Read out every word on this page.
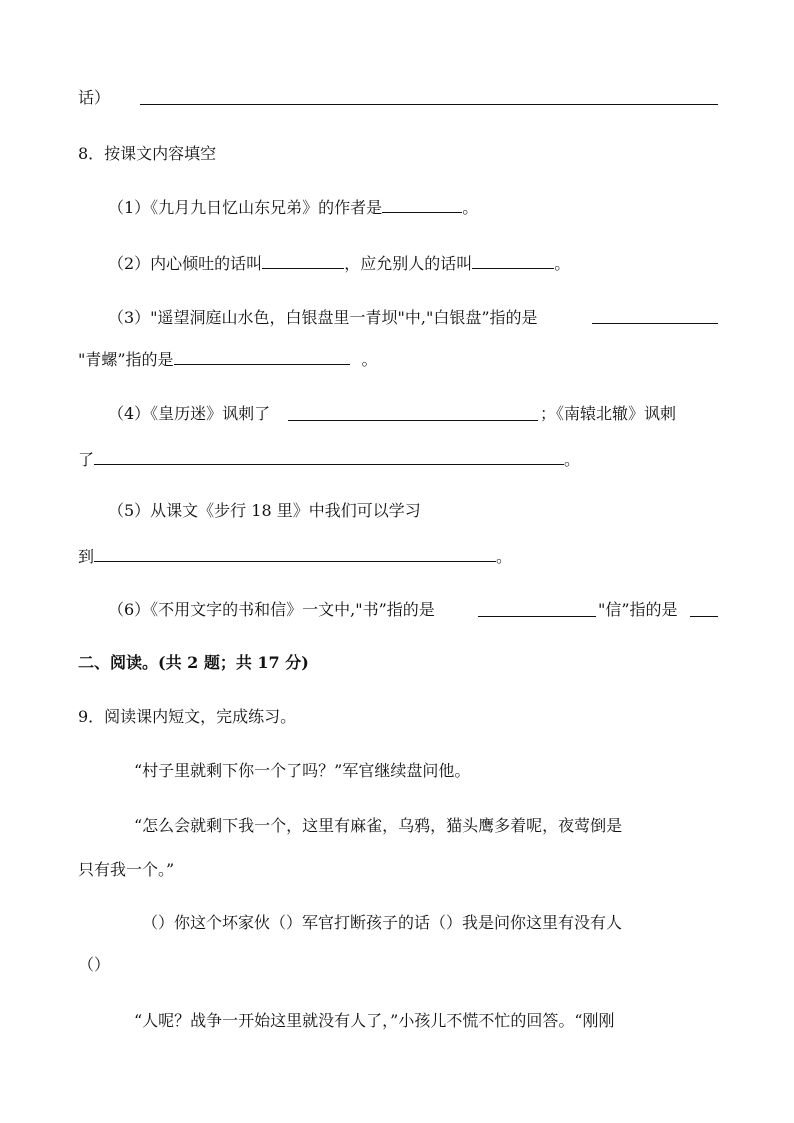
话）
8．按课文内容填空
（1）《九月九日忆山东兄弟》的作者是	。
（2）内心倾吐的话叫	，应允别人的话叫	。
（3）"遥望洞庭山水色，白银盘里一青坝"中,"白银盘”指的是
"青螺”指的是	。
（4）《皇历迷》讽刺了	；《南辕北辙》讽刺
了	。
（5）从课文《步行 18 里》中我们可以学习
到	。
（6）《不用文字的书和信》一文中,"书”指的是	"信”指的是
二、阅读。(共 2 题；共 17 分)
9．阅读课内短文，完成练习。
“村子里就剩下你一个了吗？”军官继续盘问他。
“怎么会就剩下我一个，这里有麻雀，乌鸦，猫头鹰多着呢，夜莺倒是
只有我一个。”
（）你这个坏家伙（）军官打断孩子的话（）我是问你这里有没有人
（）
“人呢？战争一开始这里就没有人了，”小孩儿不慌不忙的回答。“刚刚
